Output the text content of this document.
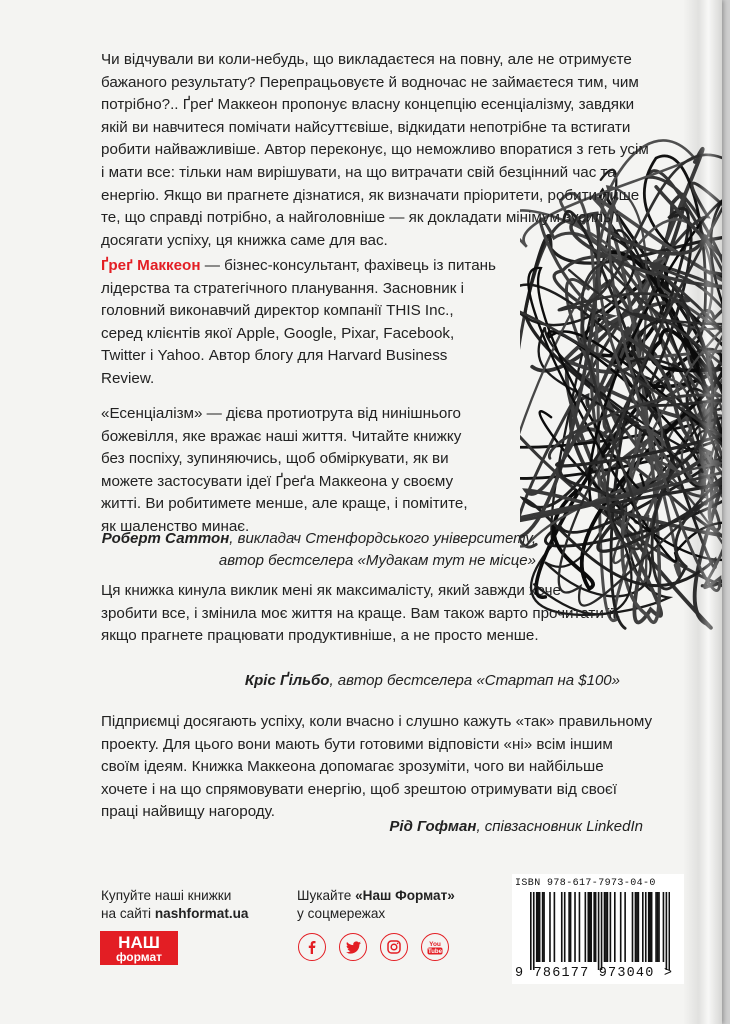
Чи відчували ви коли-небудь, що викладаєтеся на повну, але не отримуєте бажаного результату? Перепрацьовуєте й водночас не займаєтеся тим, чим потрібно?.. Ґреґ Маккеон пропонує власну концепцію есенціалізму, завдяки якій ви навчитеся помічати найсуттєвіше, відкидати непотрібне та встигати робити найважливіше. Автор переконує, що неможливо впоратися з геть усім і мати все: тільки нам вирішувати, на що витрачати свій безцінний час та енергію. Якщо ви прагнете дізнатися, як визначати пріоритети, робити лише те, що справді потрібно, а найголовніше — як докладати мінімум зусиль і досягати успіху, ця книжка саме для вас.
Ґреґ Маккеон — бізнес-консультант, фахівець із питань лідерства та стратегічного планування. Засновник і головний виконавчий директор компанії THIS Inc., серед клієнтів якої Apple, Google, Pixar, Facebook, Twitter і Yahoo. Автор блогу для Harvard Business Review.
«Есенціалізм» — дієва протиотрута від нинішнього божевілля, яке вражає наші життя. Читайте книжку без поспіху, зупиняючись, щоб обміркувати, як ви можете застосувати ідеї Ґреґа Маккеона у своєму житті. Ви робитимете менше, але краще, і помітите, як шаленство минає.
Роберт Саттон, викладач Стенфордського університету,
автор бестселера «Мудакам тут не місце»
Ця книжка кинула виклик мені як максималісту, який завжди хоче зробити все, і змінила моє життя на краще. Вам також варто прочитати її, якщо прагнете працювати продуктивніше, а не просто менше.
Кріс Ґільбо, автор бестселера «Стартап на $100»
Підприємці досягають успіху, коли вчасно і слушно кажуть «так» правильному проекту. Для цього вони мають бути готовими відповісти «ні» всім іншим своїм ідеям. Книжка Маккеона допомагає зрозуміти, чого ви найбільше хочете і на що спрямовувати енергію, щоб зрештою отримувати від своєї праці найвищу нагороду.
Рід Гофман, співзасновник LinkedIn
Купуйте наші книжки
на сайті nashformat.ua
НАШ
формат
Шукайте «Наш Формат»
у соцмережах
You
Tube
ISBN 978-617-7973-04-0
9 786177 973040 >
